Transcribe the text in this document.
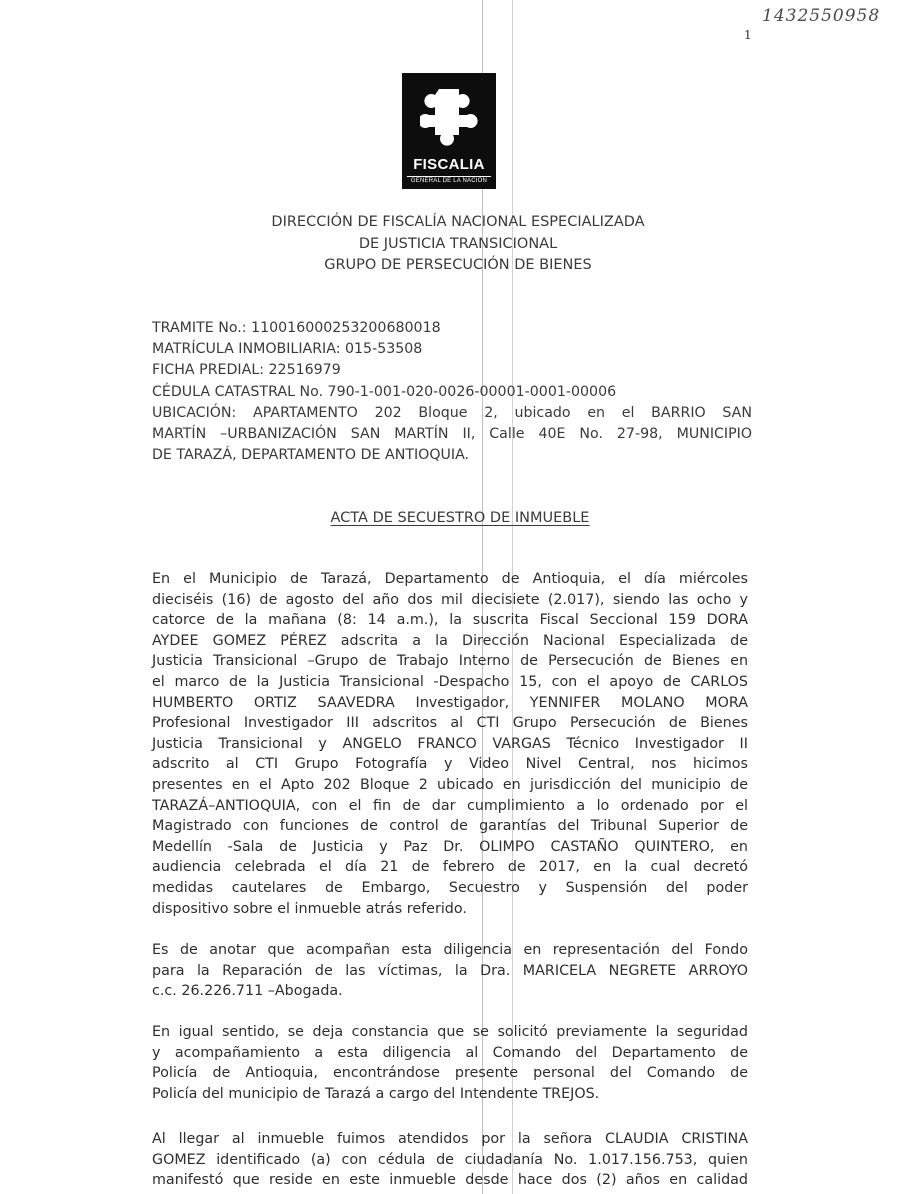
1432550958
1
FISCALIA
GENERAL DE LA NACION
DIRECCIÓN DE FISCALÍA NACIONAL ESPECIALIZADA
DE JUSTICIA TRANSICIONAL
GRUPO DE PERSECUCIÓN DE BIENES
TRAMITE No.: 11001600025320068001​8
MATRÍCULA INMOBILIARIA: 015-53508
FICHA PREDIAL: 22516979
CÉDULA CATASTRAL No. 790-1-001-020-0026-00001-0001-00006
UBICACIÓN: APARTAMENTO 202 Bloque 2, ubicado en el BARRIO SAN
MARTÍN –URBANIZACIÓN SAN MARTÍN II, Calle 40E No. 27-98, MUNICIPIO
DE TARAZÁ, DEPARTAMENTO DE ANTIOQUIA.
ACTA DE SECUESTRO DE INMUEBLE
En el Municipio de Tarazá, Departamento de Antioquia, el día miércoles
dieciséis (16) de agosto del año dos mil diecisiete (2.017), siendo las ocho y
catorce de la mañana (8: 14 a.m.), la suscrita Fiscal Seccional 159 DORA
AYDEE GOMEZ PÉREZ adscrita a la Dirección Nacional Especializada de
Justicia Transicional –Grupo de Trabajo Interno de Persecución de Bienes en
el marco de la Justicia Transicional -Despacho 15, con el apoyo de CARLOS
HUMBERTO ORTIZ SAAVEDRA Investigador, YENNIFER MOLANO MORA
Profesional Investigador III adscritos al CTI Grupo Persecución de Bienes
Justicia Transicional y ANGELO FRANCO VARGAS Técnico Investigador II
adscrito al CTI Grupo Fotografía y Video Nivel Central, nos hicimos
presentes en el Apto 202 Bloque 2 ubicado en jurisdicción del municipio de
TARAZÁ–ANTIOQUIA, con el fin de dar cumplimiento a lo ordenado por el
Magistrado con funciones de control de garantías del Tribunal Superior de
Medellín -Sala de Justicia y Paz Dr. OLIMPO CASTAÑO QUINTERO, en
audiencia celebrada el día 21 de febrero de 2017, en la cual decretó
medidas cautelares de Embargo, Secuestro y Suspensión del poder
dispositivo sobre el inmueble atrás referido.
Es de anotar que acompañan esta diligencia en representación del Fondo
para la Reparación de las víctimas, la Dra. MARICELA NEGRETE ARROYO
c.c. 26.226.711 –Abogada.
En igual sentido, se deja constancia que se solicitó previamente la seguridad
y acompañamiento a esta diligencia al Comando del Departamento de
Policía de Antioquia, encontrándose presente personal del Comando de
Policía del municipio de Tarazá a cargo del Intendente TREJOS.
Al llegar al inmueble fuimos atendidos por la señora CLAUDIA CRISTINA
GOMEZ identificado (a) con cédula de ciudadanía No. 1.017.156.753, quien
manifestó que reside en este inmueble desde hace dos (2) años en calidad
